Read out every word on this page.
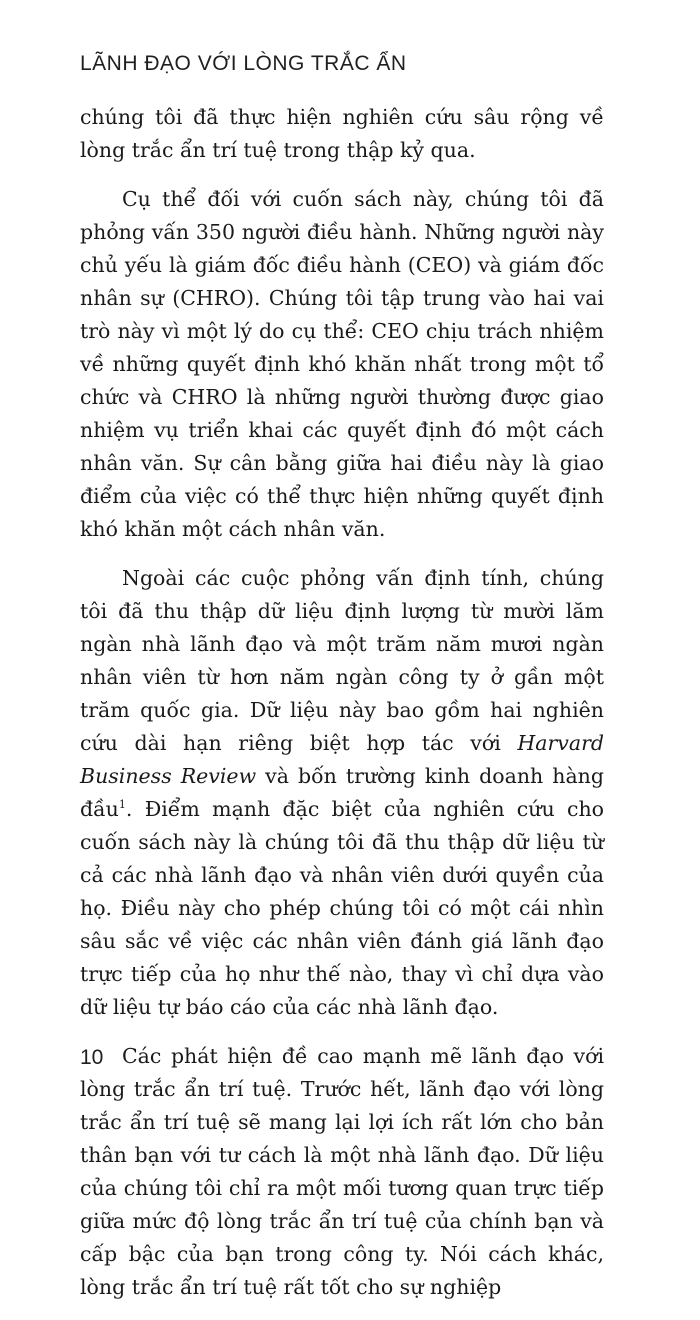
LÃNH ĐẠO VỚI LÒNG TRẮC ẨN

chúng tôi đã thực hiện nghiên cứu sâu rộng về lòng trắc ẩn trí tuệ trong thập kỷ qua.

Cụ thể đối với cuốn sách này, chúng tôi đã phỏng vấn 350 người điều hành. Những người này chủ yếu là giám đốc điều hành (CEO) và giám đốc nhân sự (CHRO). Chúng tôi tập trung vào hai vai trò này vì một lý do cụ thể: CEO chịu trách nhiệm về những quyết định khó khăn nhất trong một tổ chức và CHRO là những người thường được giao nhiệm vụ triển khai các quyết định đó một cách nhân văn. Sự cân bằng giữa hai điều này là giao điểm của việc có thể thực hiện những quyết định khó khăn một cách nhân văn.

Ngoài các cuộc phỏng vấn định tính, chúng tôi đã thu thập dữ liệu định lượng từ mười lăm ngàn nhà lãnh đạo và một trăm năm mươi ngàn nhân viên từ hơn năm ngàn công ty ở gần một trăm quốc gia. Dữ liệu này bao gồm hai nghiên cứu dài hạn riêng biệt hợp tác với Harvard Business Review và bốn trường kinh doanh hàng đầu$^1$. Điểm mạnh đặc biệt của nghiên cứu cho cuốn sách này là chúng tôi đã thu thập dữ liệu từ cả các nhà lãnh đạo và nhân viên dưới quyền của họ. Điều này cho phép chúng tôi có một cái nhìn sâu sắc về việc các nhân viên đánh giá lãnh đạo trực tiếp của họ như thế nào, thay vì chỉ dựa vào dữ liệu tự báo cáo của các nhà lãnh đạo.

Các phát hiện đề cao mạnh mẽ lãnh đạo với lòng trắc ẩn trí tuệ. Trước hết, lãnh đạo với lòng trắc ẩn trí tuệ sẽ mang lại lợi ích rất lớn cho bản thân bạn với tư cách là một nhà lãnh đạo. Dữ liệu của chúng tôi chỉ ra một mối tương quan trực tiếp giữa mức độ lòng trắc ẩn trí tuệ của chính bạn và cấp bậc của bạn trong công ty. Nói cách khác, lòng trắc ẩn trí tuệ rất tốt cho sự nghiệp

10
